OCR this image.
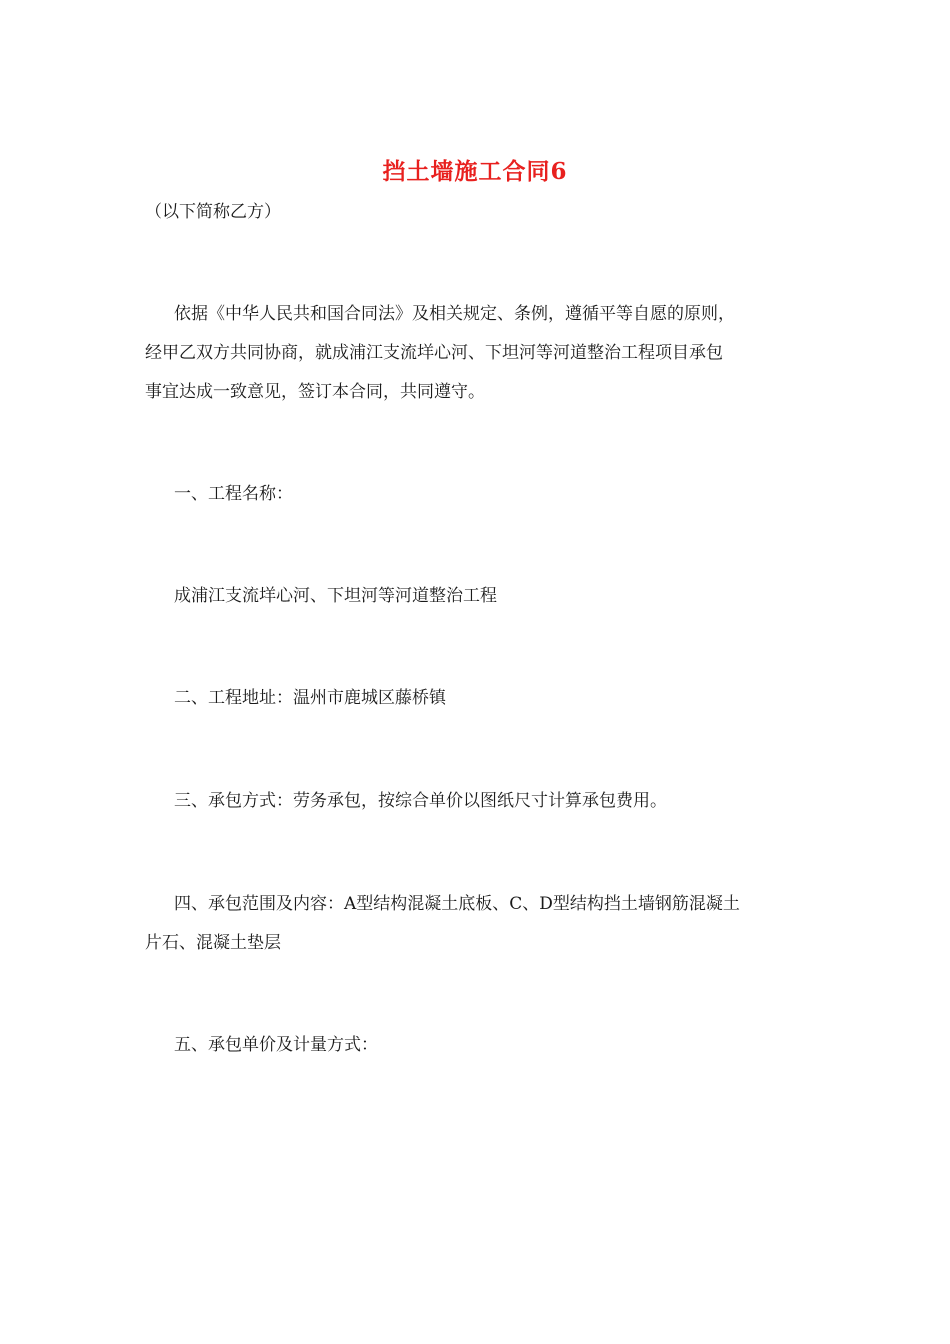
挡土墙施工合同6
（以下简称乙方）
依据《中华人民共和国合同法》及相关规定、条例，遵循平等自愿的原则，
经甲乙双方共同协商，就成浦江支流垟心河、下坦河等河道整治工程项目承包
事宜达成一致意见，签订本合同，共同遵守。
一、工程名称：
成浦江支流垟心河、下坦河等河道整治工程
二、工程地址：温州市鹿城区藤桥镇
三、承包方式：劳务承包，按综合单价以图纸尺寸计算承包费用。
四、承包范围及内容：A型结构混凝土底板、C、D型结构挡土墙钢筋混凝土
片石、混凝土垫层
五、承包单价及计量方式：
